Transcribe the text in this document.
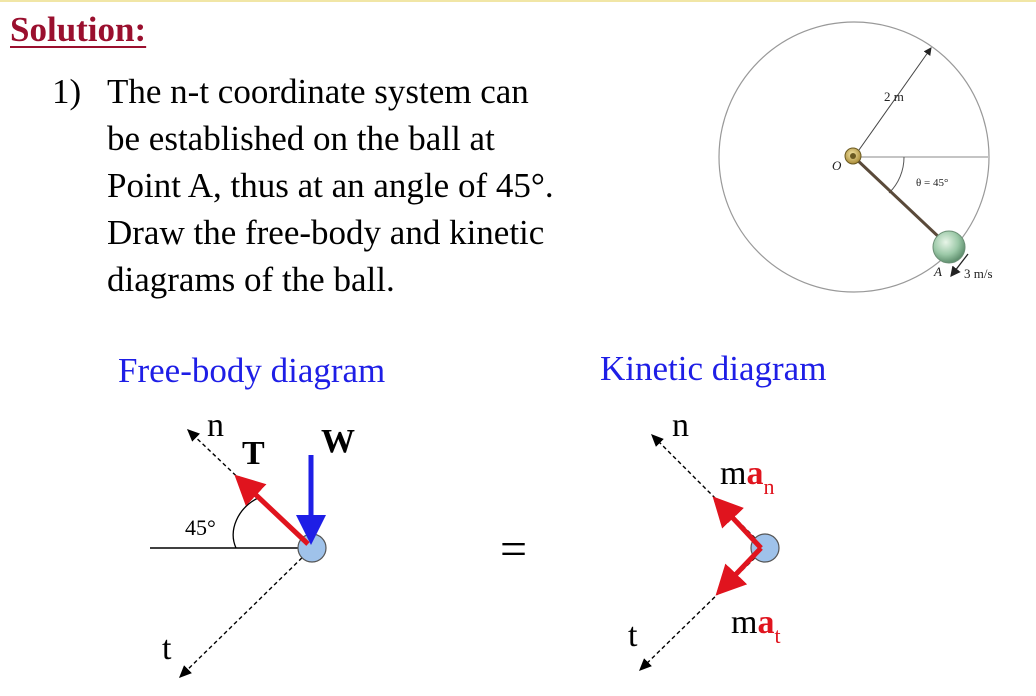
Solution:
1) The n-t coordinate system can
be established on the ball at
Point A, thus at an angle of 45°.
Draw the free-body and kinetic
diagrams of the ball.
2 m
O
θ = 45°
A 3 m/s
Free-body diagram	Kinetic diagram
n
T W
45°
t
=
n
$ma_n$
t	$ma_t$
